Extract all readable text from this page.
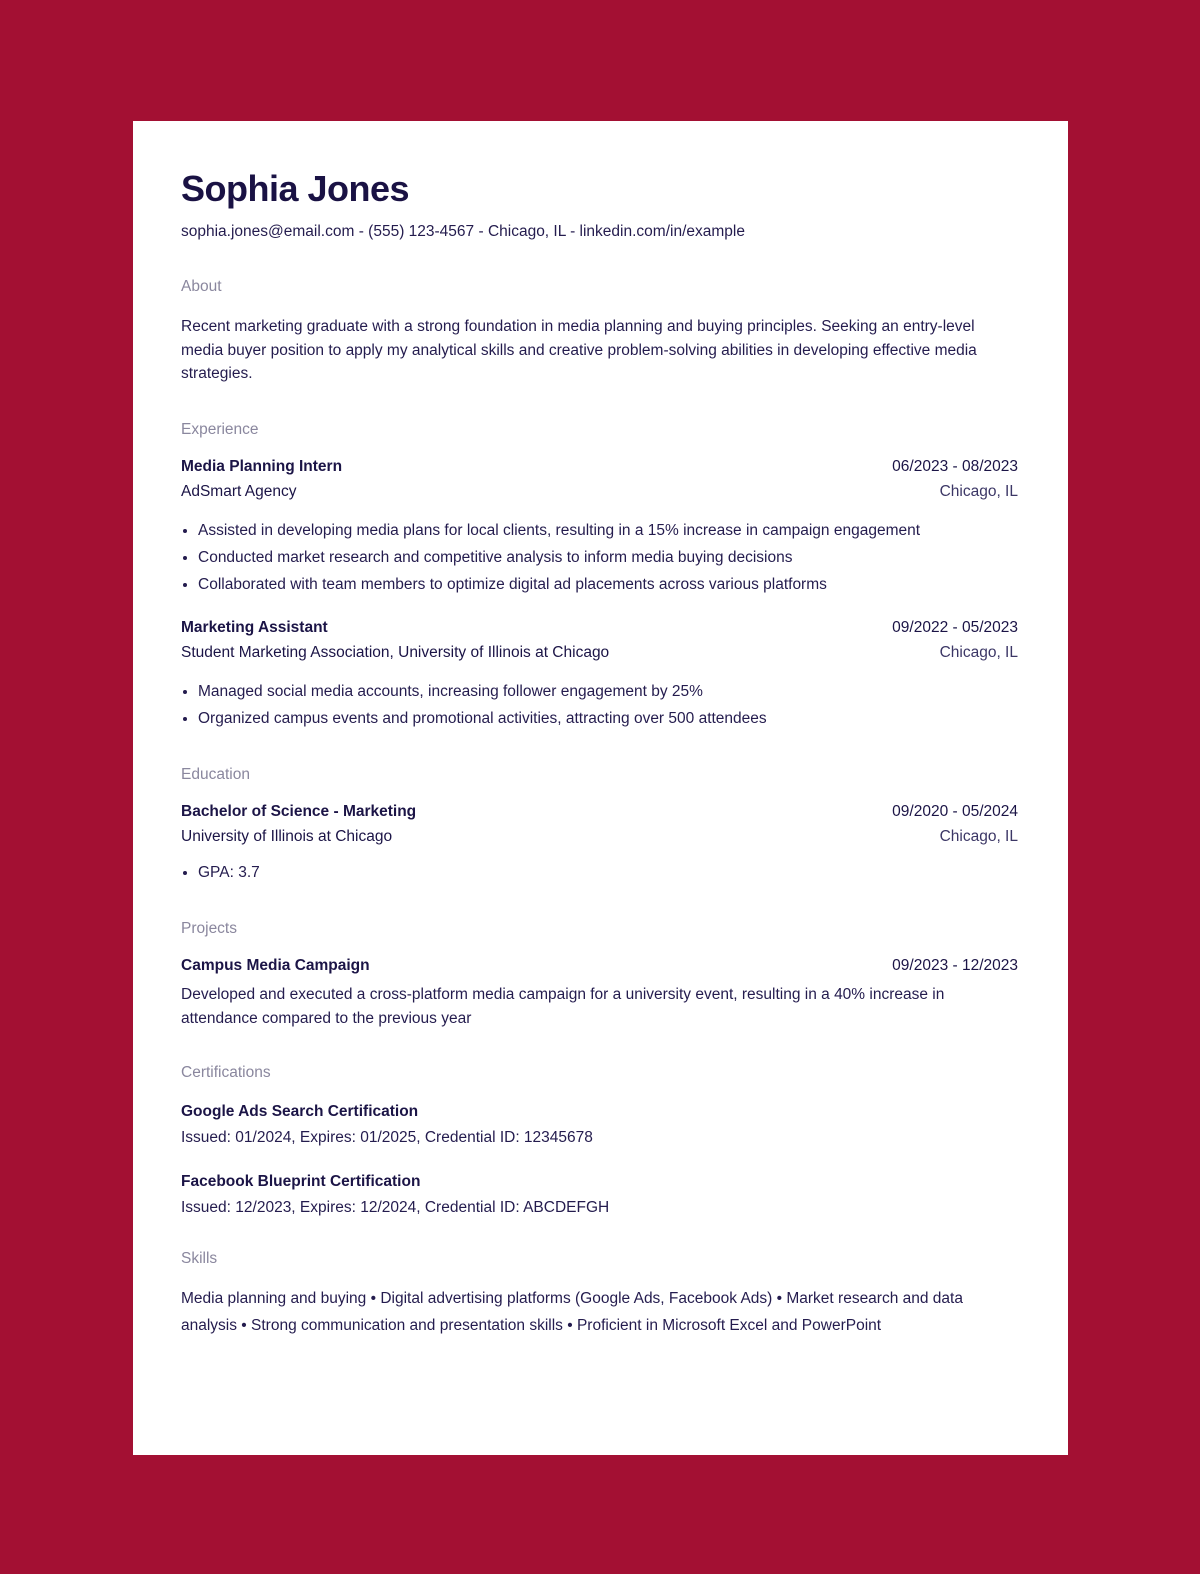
Sophia Jones
sophia.jones@email.com - (555) 123-4567 - Chicago, IL - linkedin.com/in/example
About
Recent marketing graduate with a strong foundation in media planning and buying principles. Seeking an entry-level media buyer position to apply my analytical skills and creative problem-solving abilities in developing effective media strategies.
Experience
Media Planning Intern	06/2023 - 08/2023
AdSmart Agency	Chicago, IL
• Assisted in developing media plans for local clients, resulting in a 15% increase in campaign engagement
• Conducted market research and competitive analysis to inform media buying decisions
• Collaborated with team members to optimize digital ad placements across various platforms
Marketing Assistant	09/2022 - 05/2023
Student Marketing Association, University of Illinois at Chicago	Chicago, IL
• Managed social media accounts, increasing follower engagement by 25%
• Organized campus events and promotional activities, attracting over 500 attendees
Education
Bachelor of Science - Marketing	09/2020 - 05/2024
University of Illinois at Chicago	Chicago, IL
• GPA: 3.7
Projects
Campus Media Campaign	09/2023 - 12/2023
Developed and executed a cross-platform media campaign for a university event, resulting in a 40% increase in attendance compared to the previous year
Certifications
Google Ads Search Certification
Issued: 01/2024, Expires: 01/2025, Credential ID: 12345678
Facebook Blueprint Certification
Issued: 12/2023, Expires: 12/2024, Credential ID: ABCDEFGH
Skills
Media planning and buying • Digital advertising platforms (Google Ads, Facebook Ads) • Market research and data analysis • Strong communication and presentation skills • Proficient in Microsoft Excel and PowerPoint
